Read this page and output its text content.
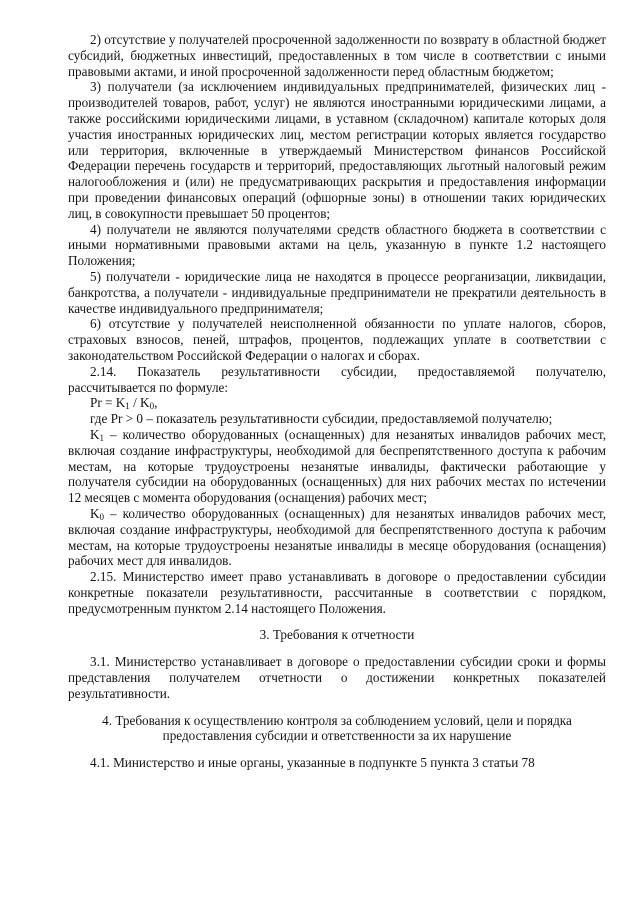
2) отсутствие у получателей просроченной задолженности по возврату в областной бюджет субсидий, бюджетных инвестиций, предоставленных в том числе в соответствии с иными правовыми актами, и иной просроченной задолженности перед областным бюджетом;

3) получатели (за исключением индивидуальных предпринимателей, физических лиц - производителей товаров, работ, услуг) не являются иностранными юридическими лицами, а также российскими юридическими лицами, в уставном (складочном) капитале которых доля участия иностранных юридических лиц, местом регистрации которых является государство или территория, включенные в утверждаемый Министерством финансов Российской Федерации перечень государств и территорий, предоставляющих льготный налоговый режим налогообложения и (или) не предусматривающих раскрытия и предоставления информации при проведении финансовых операций (офшорные зоны) в отношении таких юридических лиц, в совокупности превышает 50 процентов;

4) получатели не являются получателями средств областного бюджета в соответствии с иными нормативными правовыми актами на цель, указанную в пункте 1.2 настоящего Положения;

5) получатели - юридические лица не находятся в процессе реорганизации, ликвидации, банкротства, а получатели - индивидуальные предприниматели не прекратили деятельность в качестве индивидуального предпринимателя;

6) отсутствие у получателей неисполненной обязанности по уплате налогов, сборов, страховых взносов, пеней, штрафов, процентов, подлежащих уплате в соответствии с законодательством Российской Федерации о налогах и сборах.

2.14. Показатель результативности субсидии, предоставляемой получателю, рассчитывается по формуле:

$Pr = K_1 / K_0$,

где Pr > 0 – показатель результативности субсидии, предоставляемой получателю;

$K_1$ – количество оборудованных (оснащенных) для незанятых инвалидов рабочих мест, включая создание инфраструктуры, необходимой для беспрепятственного доступа к рабочим местам, на которые трудоустроены незанятые инвалиды, фактически работающие у получателя субсидии на оборудованных (оснащенных) для них рабочих местах по истечении 12 месяцев с момента оборудования (оснащения) рабочих мест;

$K_0$ – количество оборудованных (оснащенных) для незанятых инвалидов рабочих мест, включая создание инфраструктуры, необходимой для беспрепятственного доступа к рабочим местам, на которые трудоустроены незанятые инвалиды в месяце оборудования (оснащения) рабочих мест для инвалидов.

2.15. Министерство имеет право устанавливать в договоре о предоставлении субсидии конкретные показатели результативности, рассчитанные в соответствии с порядком, предусмотренным пунктом 2.14 настоящего Положения.

3. Требования к отчетности

3.1. Министерство устанавливает в договоре о предоставлении субсидии сроки и формы представления получателем отчетности о достижении конкретных показателей результативности.

4. Требования к осуществлению контроля за соблюдением условий, цели и порядка

предоставления субсидии и ответственности за их нарушение

4.1. Министерство и иные органы, указанные в подпункте 5 пункта 3 статьи 78
